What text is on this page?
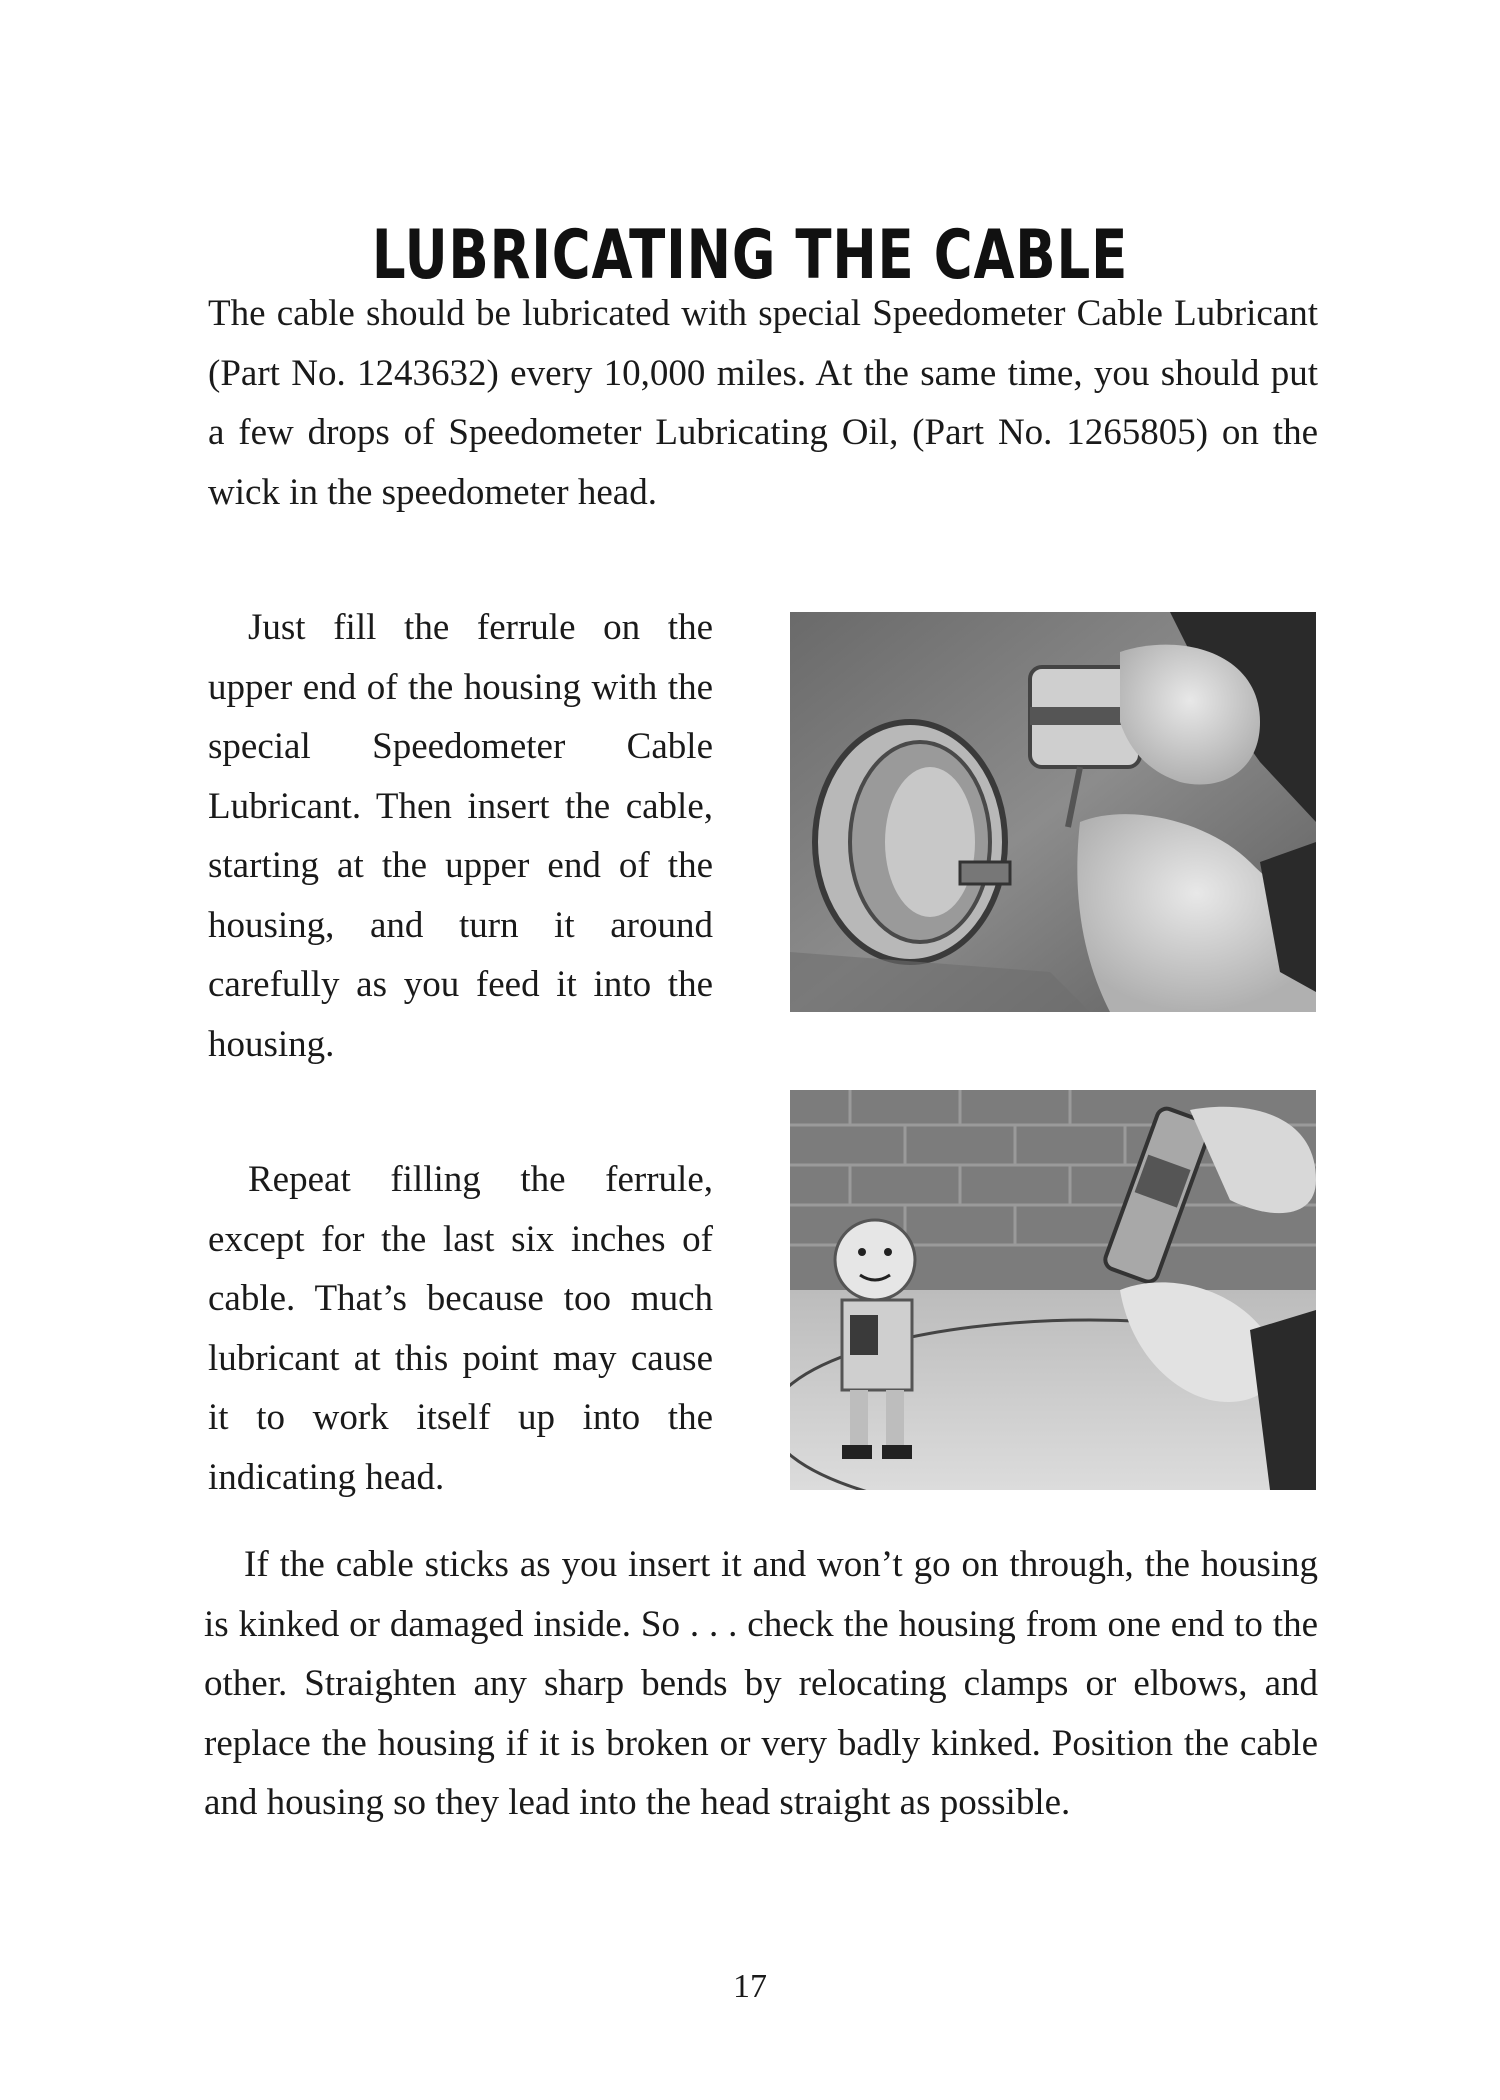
LUBRICATING THE CABLE

The cable should be lubricated with special Speedometer Cable Lubricant (Part No. 1243632) every 10,000 miles. At the same time, you should put a few drops of Speedometer Lubricating Oil, (Part No. 1265805) on the wick in the speedometer head.

Just fill the ferrule on the upper end of the housing with the special Speedometer Cable Lubricant. Then insert the cable, starting at the upper end of the housing, and turn it around carefully as you feed it into the housing.

Repeat filling the ferrule, except for the last six inches of cable. That’s because too much lubricant at this point may cause it to work itself up into the indicating head.

If the cable sticks as you insert it and won’t go on through, the housing is kinked or damaged inside. So . . . check the housing from one end to the other. Straighten any sharp bends by relocating clamps or elbows, and replace the housing if it is broken or very badly kinked. Position the cable and housing so they lead into the head straight as possible.

17
